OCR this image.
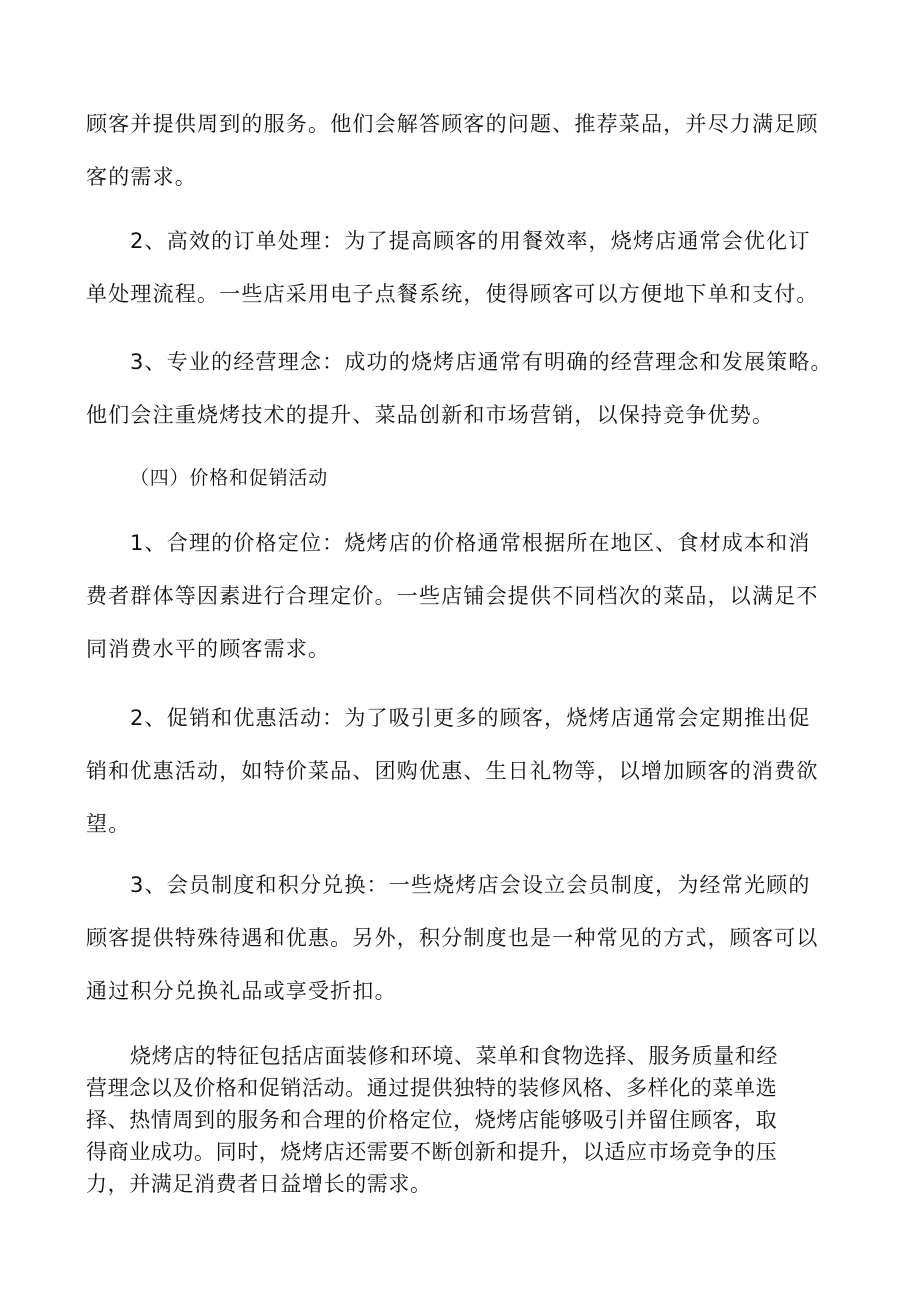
顾客并提供周到的服务。他们会解答顾客的问题、推荐菜品，并尽力满足顾
客的需求。
2、高效的订单处理：为了提高顾客的用餐效率，烧烤店通常会优化订
单处理流程。一些店采用电子点餐系统，使得顾客可以方便地下单和支付。
3、专业的经营理念：成功的烧烤店通常有明确的经营理念和发展策略。
他们会注重烧烤技术的提升、菜品创新和市场营销，以保持竞争优势。
（四）价格和促销活动
1、合理的价格定位：烧烤店的价格通常根据所在地区、食材成本和消
费者群体等因素进行合理定价。一些店铺会提供不同档次的菜品，以满足不
同消费水平的顾客需求。
2、促销和优惠活动：为了吸引更多的顾客，烧烤店通常会定期推出促
销和优惠活动，如特价菜品、团购优惠、生日礼物等，以增加顾客的消费欲
望。
3、会员制度和积分兑换：一些烧烤店会设立会员制度，为经常光顾的
顾客提供特殊待遇和优惠。另外，积分制度也是一种常见的方式，顾客可以
通过积分兑换礼品或享受折扣。
烧烤店的特征包括店面装修和环境、菜单和食物选择、服务质量和经
营理念以及价格和促销活动。通过提供独特的装修风格、多样化的菜单选
择、热情周到的服务和合理的价格定位，烧烤店能够吸引并留住顾客，取
得商业成功。同时，烧烤店还需要不断创新和提升，以适应市场竞争的压
力，并满足消费者日益增长的需求。
